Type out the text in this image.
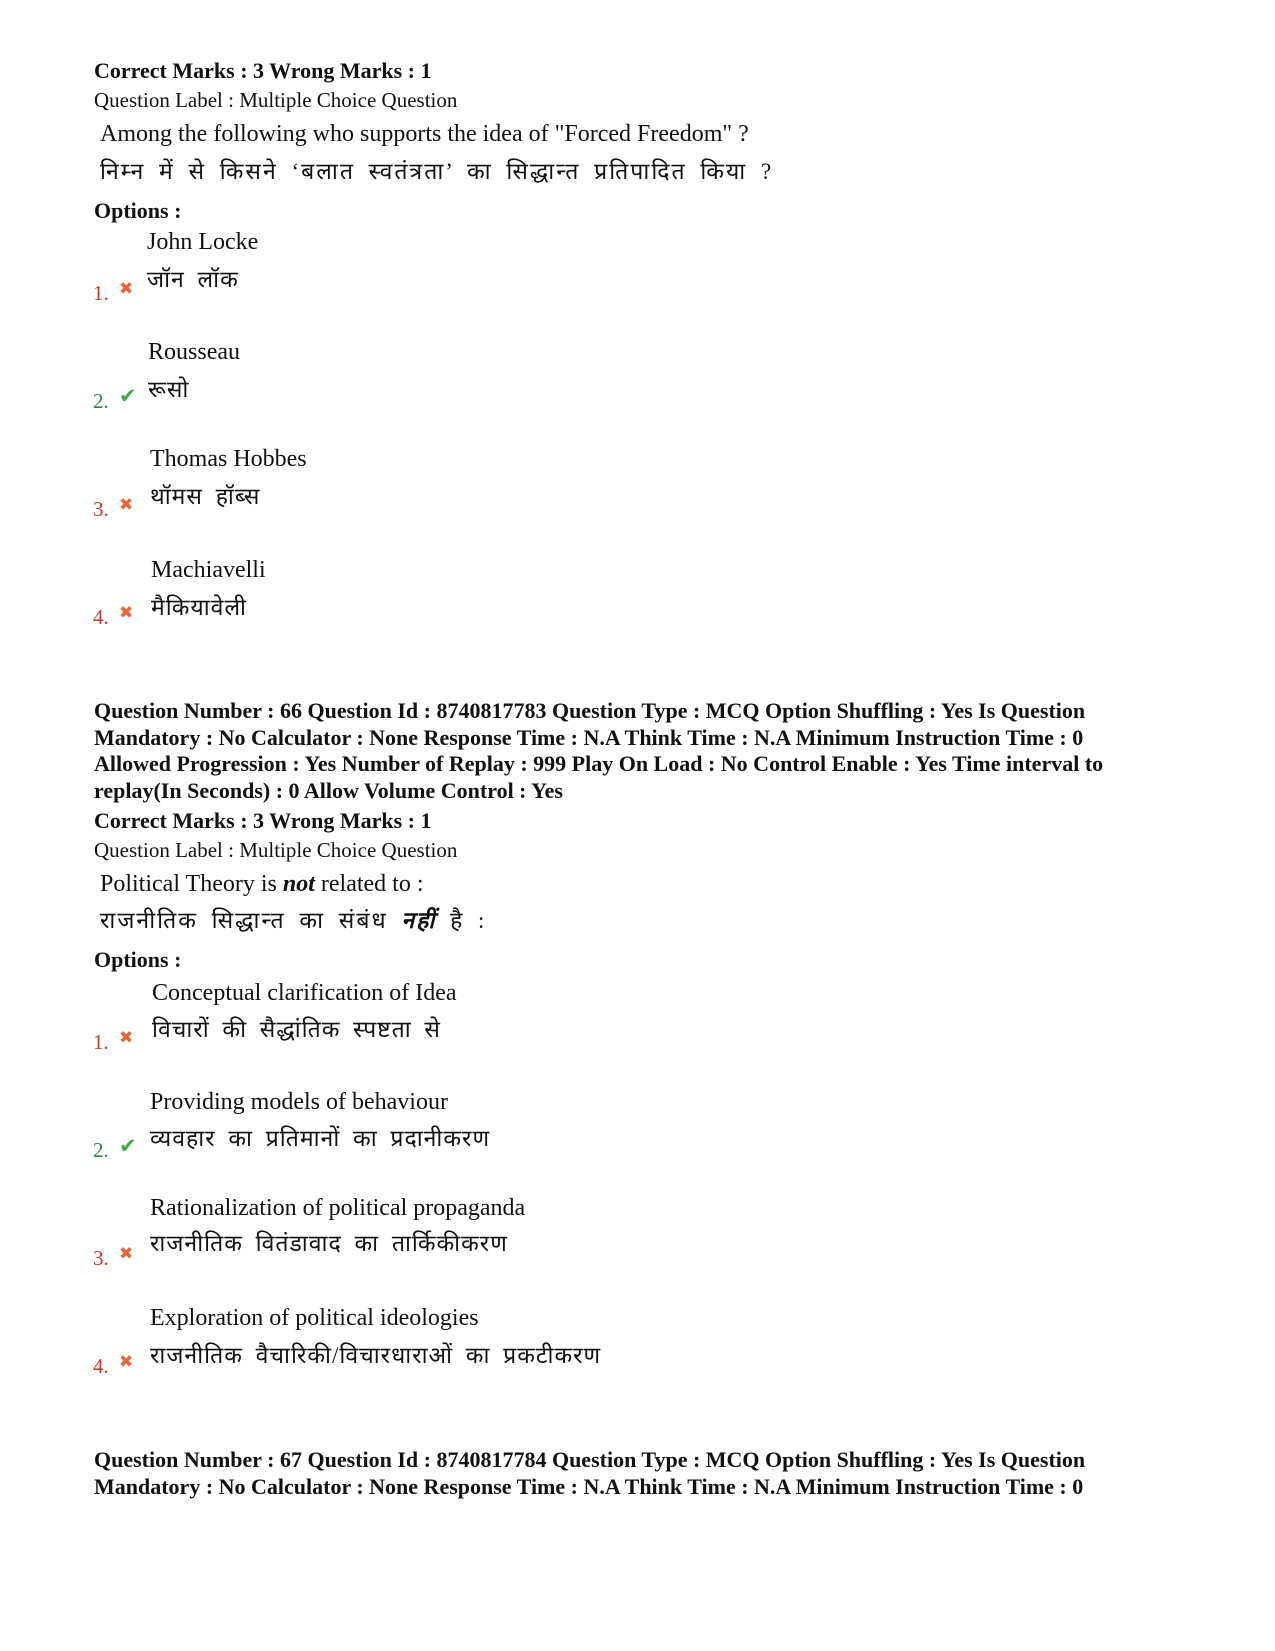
Correct Marks : 3 Wrong Marks : 1
Question Label : Multiple Choice Question
Among the following who supports the idea of "Forced Freedom" ?
निम्न में से किसने ‘बलात स्वतंत्रता’ का सिद्धान्त प्रतिपादित किया ?
Options :
John Locke
जॉन लॉक
1. ✖
Rousseau
रूसो
2. ✔
Thomas Hobbes
थॉमस हॉब्स
3. ✖
Machiavelli
मैकियावेली
4. ✖
Question Number : 66 Question Id : 8740817783 Question Type : MCQ Option Shuffling : Yes Is Question
Mandatory : No Calculator : None Response Time : N.A Think Time : N.A Minimum Instruction Time : 0
Allowed Progression : Yes Number of Replay : 999 Play On Load : No Control Enable : Yes Time interval to
replay(In Seconds) : 0 Allow Volume Control : Yes
Correct Marks : 3 Wrong Marks : 1
Question Label : Multiple Choice Question
Political Theory is not related to :
राजनीतिक सिद्धान्त का संबंध नहीं है :
Options :
Conceptual clarification of Idea
विचारों की सैद्धांतिक स्पष्टता से
1. ✖
Providing models of behaviour
व्यवहार का प्रतिमानों का प्रदानीकरण
2. ✔
Rationalization of political propaganda
राजनीतिक वितंडावाद का तार्किकीकरण
3. ✖
Exploration of political ideologies
राजनीतिक वैचारिकी/विचारधाराओं का प्रकटीकरण
4. ✖
Question Number : 67 Question Id : 8740817784 Question Type : MCQ Option Shuffling : Yes Is Question
Mandatory : No Calculator : None Response Time : N.A Think Time : N.A Minimum Instruction Time : 0
